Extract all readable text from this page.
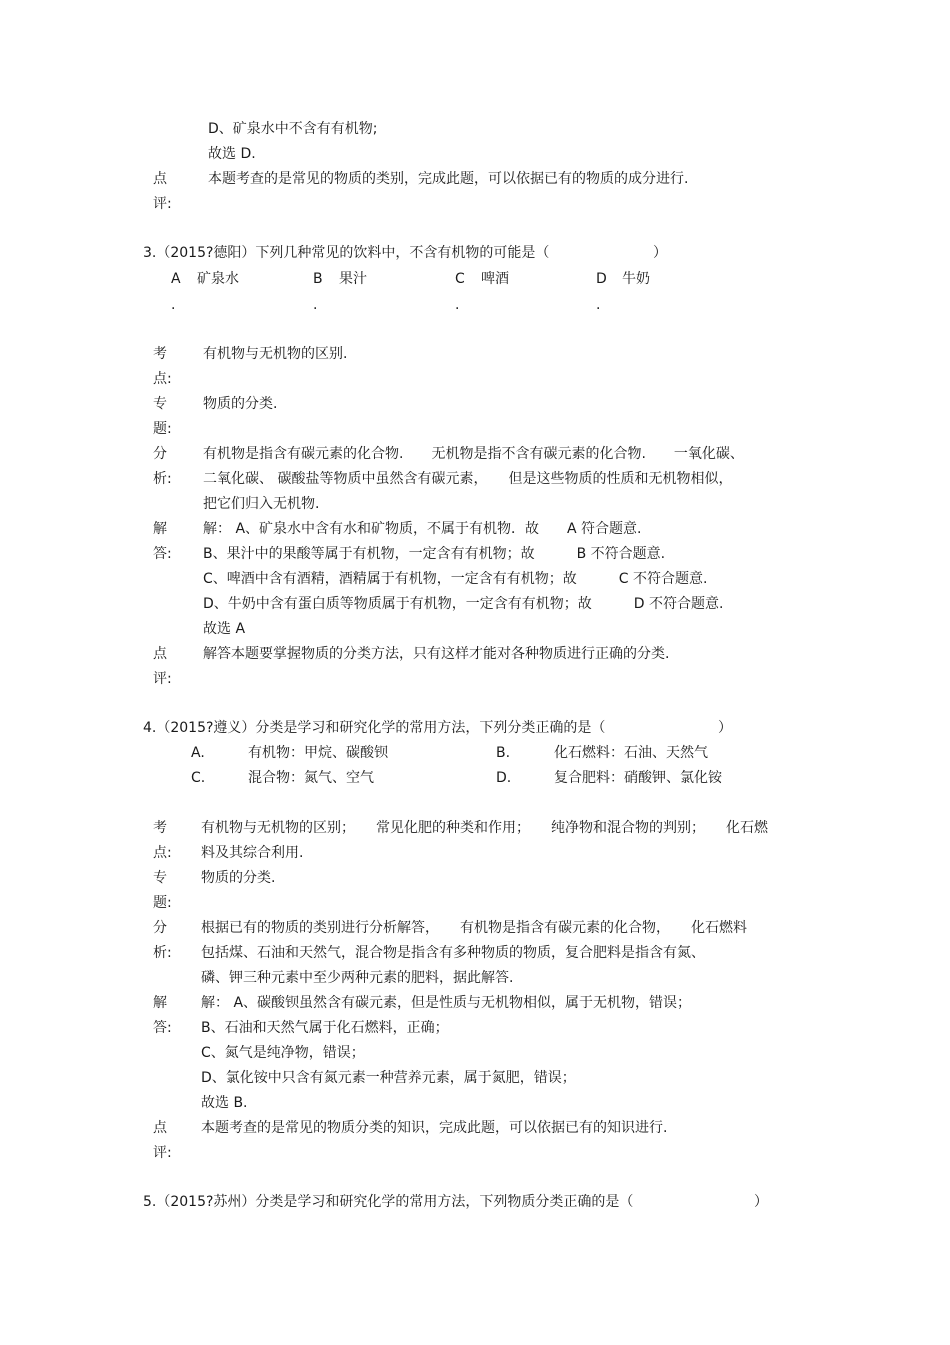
D、矿泉水中不含有有机物;
故选 D.
点
评:
本题考查的是常见的物质的类别，完成此题，可以依据已有的物质的成分进行.
3.（2015?德阳）下列几种常见的饮料中，不含有机物的可能是（	）
A
.
矿泉水	B
.
果汁	C
.
啤酒	D
.
牛奶
考
点:
有机物与无机物的区别.
专
题:
物质的分类.
分
析:
有机物是指含有碳元素的化合物.　　无机物是指不含有碳元素的化合物.　　一氧化碳、
二氧化碳、 碳酸盐等物质中虽然含有碳元素，　　但是这些物质的性质和无机物相似，
把它们归入无机物.
解
答:
解： A、矿泉水中含有水和矿物质，不属于有机物．故　　A 符合题意.
B、果汁中的果酸等属于有机物，一定含有有机物；故　　　B 不符合题意.
C、啤酒中含有酒精，酒精属于有机物，一定含有有机物；故　　　C 不符合题意.
D、牛奶中含有蛋白质等物质属于有机物，一定含有有机物；故　　　D 不符合题意.
故选 A
点
评:
解答本题要掌握物质的分类方法，只有这样才能对各种物质进行正确的分类.
4.（2015?遵义）分类是学习和研究化学的常用方法，下列分类正确的是（	）
A.	有机物：甲烷、碳酸钡	B.	化石燃料：石油、天然气
C.	混合物：氮气、空气	D.	复合肥料：硝酸钾、氯化铵
考
点:
有机物与无机物的区别；　　常见化肥的种类和作用；　　纯净物和混合物的判别；　　化石燃
料及其综合利用.
专
题:
物质的分类.
分
析:
根据已有的物质的类别进行分析解答，　　有机物是指含有碳元素的化合物，　　化石燃料
包括煤、石油和天然气，混合物是指含有多种物质的物质，复合肥料是指含有氮、
磷、钾三种元素中至少两种元素的肥料，据此解答.
解
答:
解： A、碳酸钡虽然含有碳元素，但是性质与无机物相似，属于无机物，错误；
B、石油和天然气属于化石燃料，正确；
C、氮气是纯净物，错误；
D、氯化铵中只含有氮元素一种营养元素，属于氮肥，错误；
故选 B.
点
评:
本题考查的是常见的物质分类的知识，完成此题，可以依据已有的知识进行.
5.（2015?苏州）分类是学习和研究化学的常用方法，下列物质分类正确的是（	）
